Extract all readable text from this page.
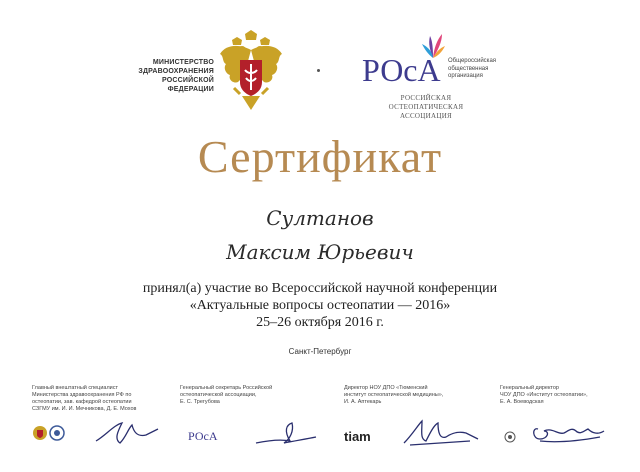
МИНИСТЕРСТВО
ЗДРАВООХРАНЕНИЯ
РОССИЙСКОЙ ФЕДЕРАЦИИ
РОсА Общероссийская
общественная
организация
РОССИЙСКАЯ ОСТЕОПАТИЧЕСКАЯ
АССОЦИАЦИЯ
Сертификат
Султанов
Максим Юрьевич
принял(а) участие во Всероссийской научной конференции
«Актуальные вопросы остеопатии — 2016»
25–26 октября 2016 г.
Санкт-Петербург
Главный внештатный специалист
Министерства здравоохранения РФ по
остеопатии, зав. кафедрой остеопатии
СЗГМУ им. И. И. Мечникова, Д. Е. Мохов
Генеральный секретарь Российской
остеопатической ассоциации,
Е. С. Трегубова
РОсА
Директор НОУ ДПО «Тюменский
институт остеопатической медицины»,
И. А. Аптекарь
tiam
Генеральный директор
ЧОУ ДПО «Институт остеопатии»,
Е. А. Воеводская
